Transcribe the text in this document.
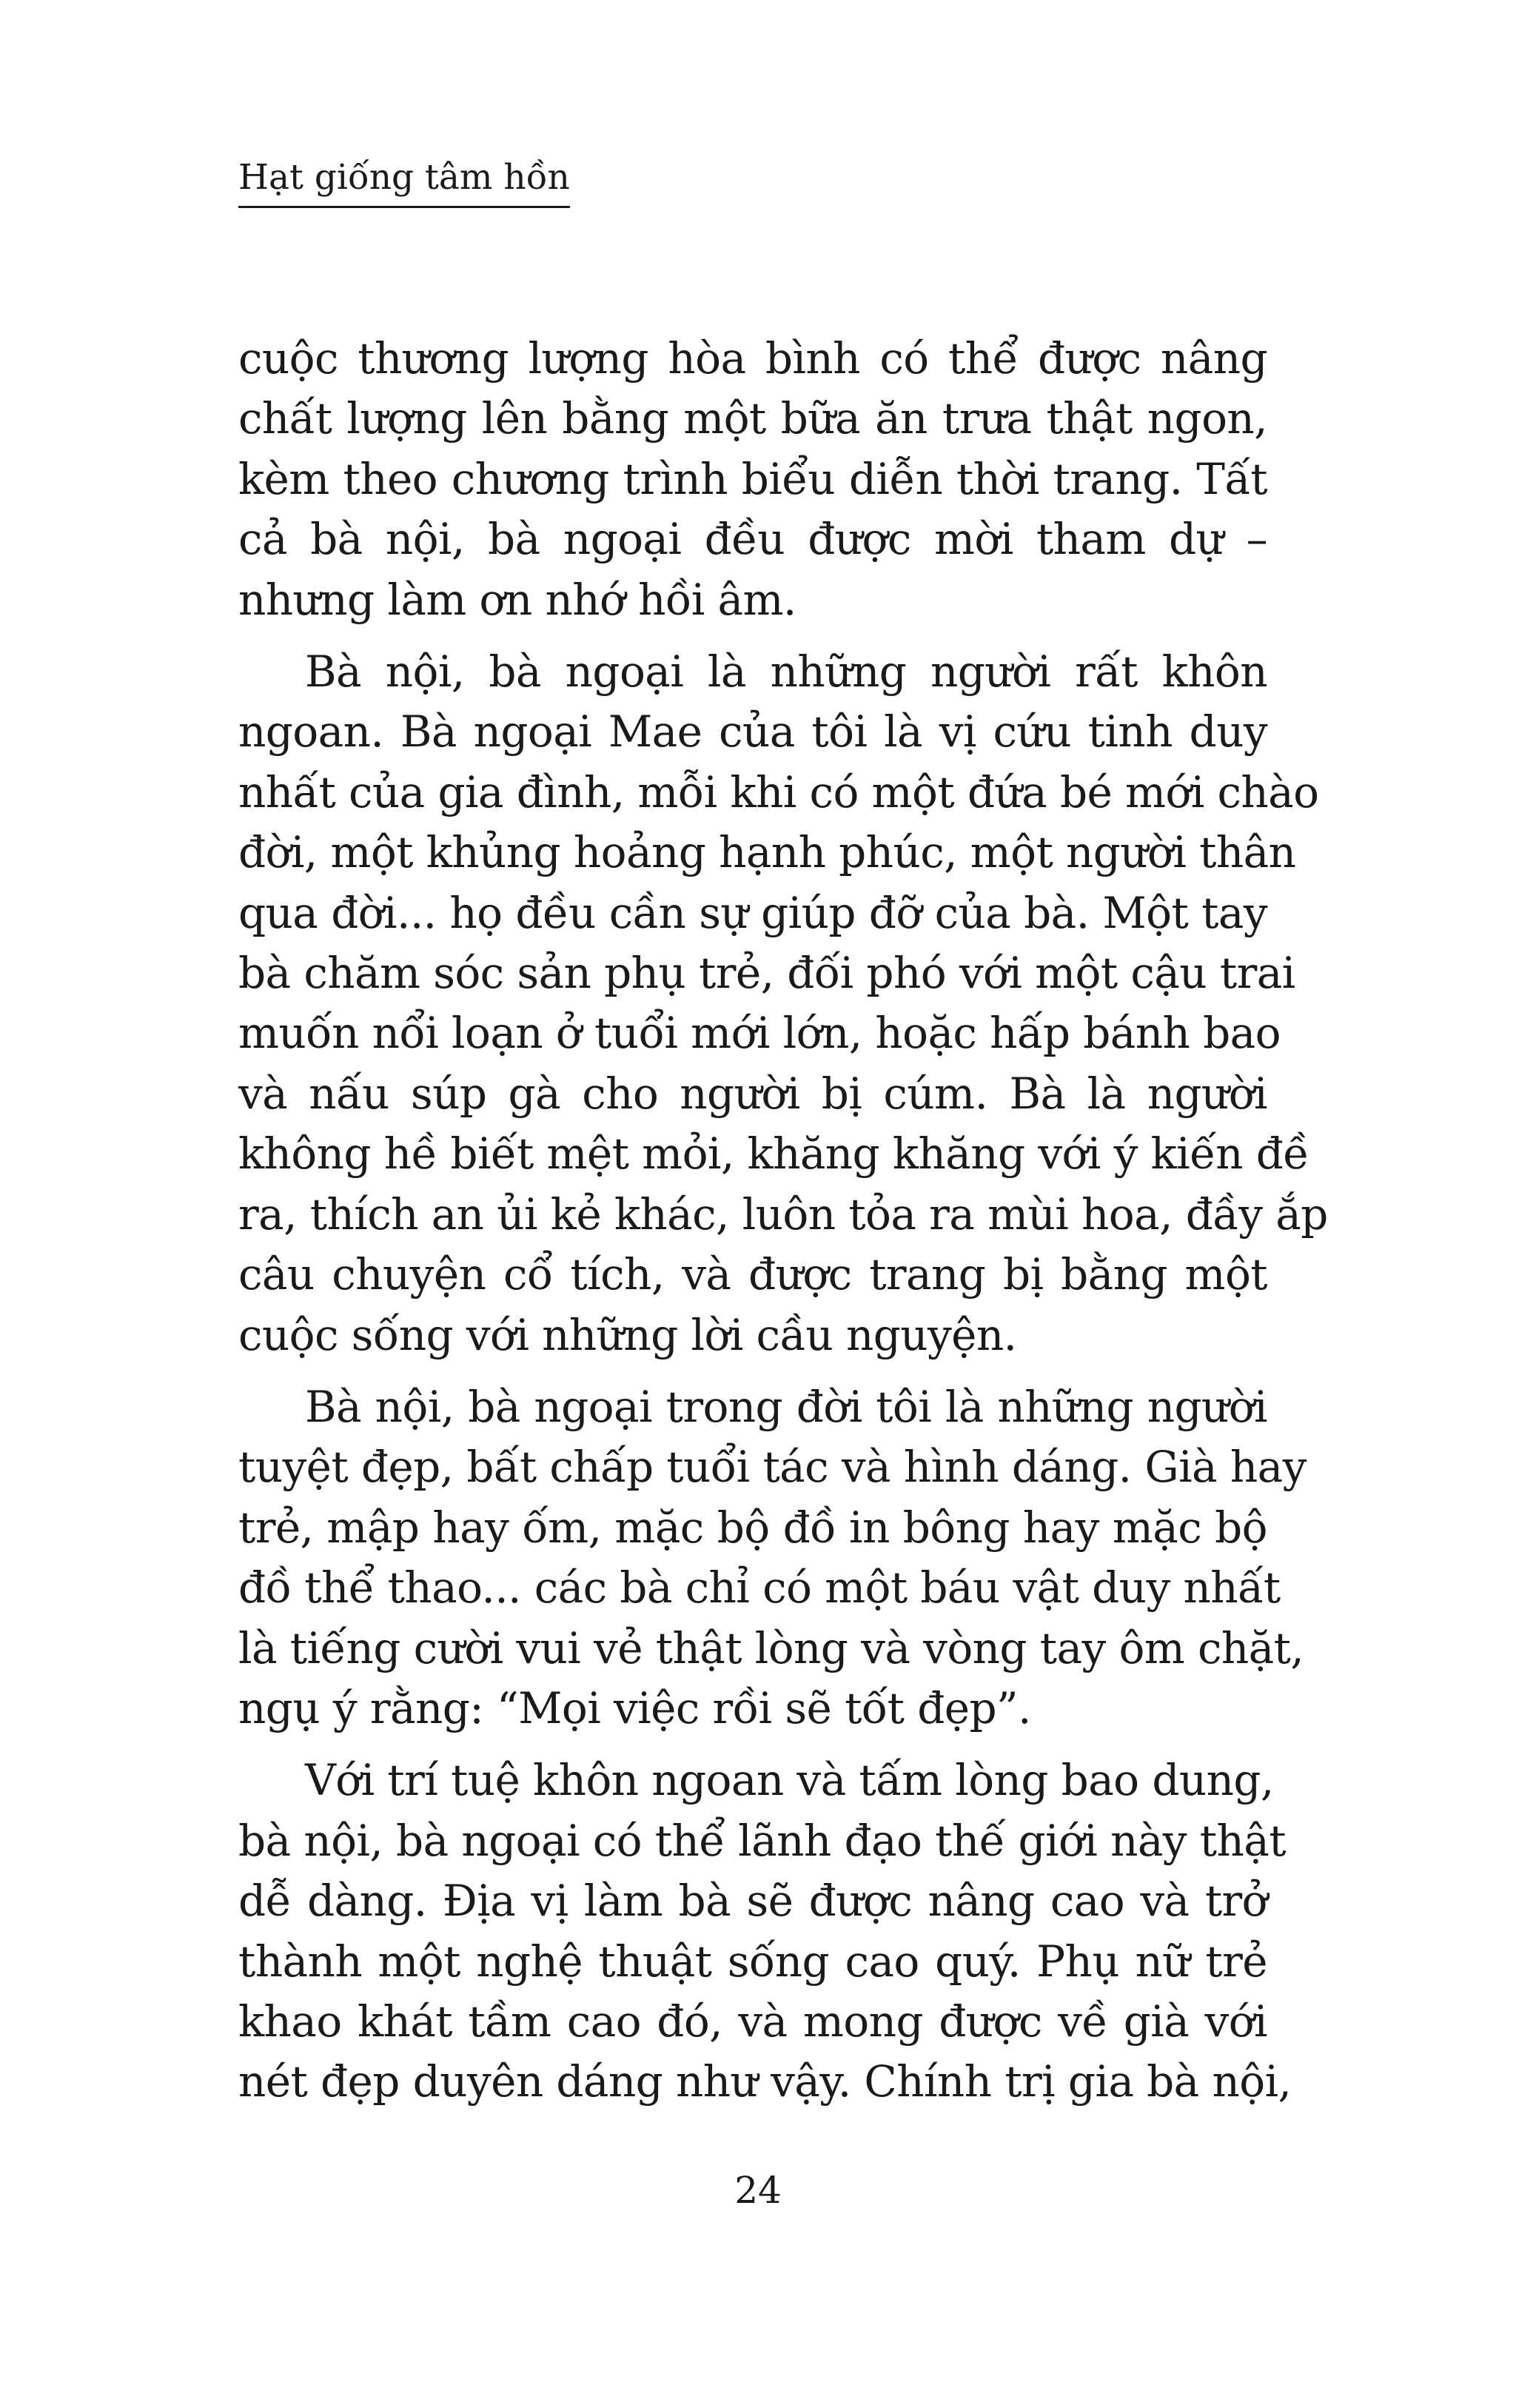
Hạt giống tâm hồn

cuộc thương lượng hòa bình có thể được nâng
chất lượng lên bằng một bữa ăn trưa thật ngon,
kèm theo chương trình biểu diễn thời trang. Tất
cả bà nội, bà ngoại đều được mời tham dự –
nhưng làm ơn nhớ hồi âm.

Bà nội, bà ngoại là những người rất khôn
ngoan. Bà ngoại Mae của tôi là vị cứu tinh duy
nhất của gia đình, mỗi khi có một đứa bé mới chào
đời, một khủng hoảng hạnh phúc, một người thân
qua đời... họ đều cần sự giúp đỡ của bà. Một tay
bà chăm sóc sản phụ trẻ, đối phó với một cậu trai
muốn nổi loạn ở tuổi mới lớn, hoặc hấp bánh bao
và nấu súp gà cho người bị cúm. Bà là người
không hề biết mệt mỏi, khăng khăng với ý kiến đề
ra, thích an ủi kẻ khác, luôn tỏa ra mùi hoa, đầy ắp
câu chuyện cổ tích, và được trang bị bằng một
cuộc sống với những lời cầu nguyện.

Bà nội, bà ngoại trong đời tôi là những người
tuyệt đẹp, bất chấp tuổi tác và hình dáng. Già hay
trẻ, mập hay ốm, mặc bộ đồ in bông hay mặc bộ
đồ thể thao... các bà chỉ có một báu vật duy nhất
là tiếng cười vui vẻ thật lòng và vòng tay ôm chặt,
ngụ ý rằng: “Mọi việc rồi sẽ tốt đẹp”.

Với trí tuệ khôn ngoan và tấm lòng bao dung,
bà nội, bà ngoại có thể lãnh đạo thế giới này thật
dễ dàng. Địa vị làm bà sẽ được nâng cao và trở
thành một nghệ thuật sống cao quý. Phụ nữ trẻ
khao khát tầm cao đó, và mong được về già với
nét đẹp duyên dáng như vậy. Chính trị gia bà nội,

24
